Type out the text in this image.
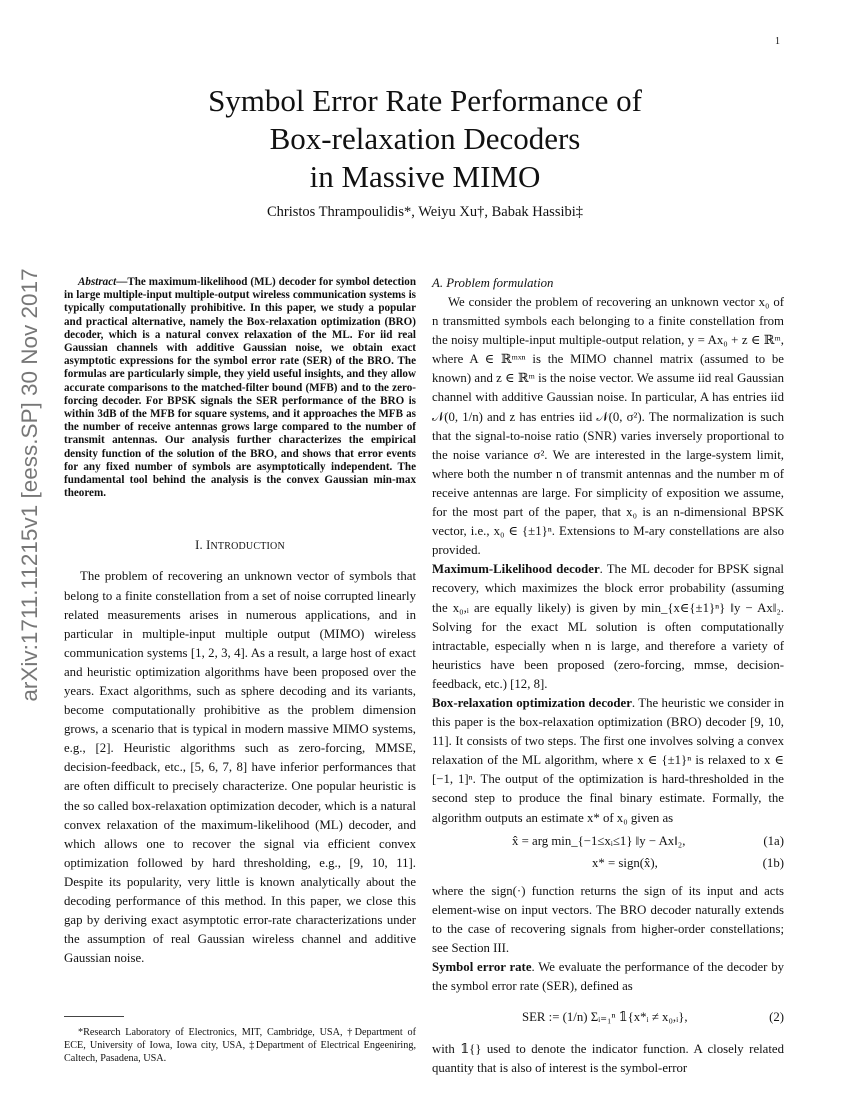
1
arXiv:1711.11215v1 [eess.SP] 30 Nov 2017
Symbol Error Rate Performance of
Box-relaxation Decoders
in Massive MIMO
Christos Thrampoulidis*, Weiyu Xu†, Babak Hassibi‡

Abstract—The maximum-likelihood (ML) decoder for symbol detection in large multiple-input multiple-output wireless communication systems is typically computationally prohibitive. In this paper, we study a popular and practical alternative, namely the Box-relaxation optimization (BRO) decoder, which is a natural convex relaxation of the ML. For iid real Gaussian channels with additive Gaussian noise, we obtain exact asymptotic expressions for the symbol error rate (SER) of the BRO. The formulas are particularly simple, they yield useful insights, and they allow accurate comparisons to the matched-filter bound (MFB) and to the zero-forcing decoder. For BPSK signals the SER performance of the BRO is within 3dB of the MFB for square systems, and it approaches the MFB as the number of receive antennas grows large compared to the number of transmit antennas. Our analysis further characterizes the empirical density function of the solution of the BRO, and shows that error events for any fixed number of symbols are asymptotically independent. The fundamental tool behind the analysis is the convex Gaussian min-max theorem.

I. INTRODUCTION

The problem of recovering an unknown vector of symbols that belong to a finite constellation from a set of noise corrupted linearly related measurements arises in numerous applications, and in particular in multiple-input multiple output (MIMO) wireless communication systems [1, 2, 3, 4]. As a result, a large host of exact and heuristic optimization algorithms have been proposed over the years. Exact algorithms, such as sphere decoding and its variants, become computationally prohibitive as the problem dimension grows, a scenario that is typical in modern massive MIMO systems, e.g., [2]. Heuristic algorithms such as zero-forcing, MMSE, decision-feedback, etc., [5, 6, 7, 8] have inferior performances that are often difficult to precisely characterize. One popular heuristic is the so called box-relaxation optimization decoder, which is a natural convex relaxation of the maximum-likelihood (ML) decoder, and which allows one to recover the signal via efficient convex optimization followed by hard thresholding, e.g., [9, 10, 11]. Despite its popularity, very little is known analytically about the decoding performance of this method. In this paper, we close this gap by deriving exact asymptotic error-rate characterizations under the assumption of real Gaussian wireless channel and additive Gaussian noise.

*Research Laboratory of Electronics, MIT, Cambridge, USA, †Department of ECE, University of Iowa, Iowa city, USA, ‡Department of Electrical Engeeniring, Caltech, Pasadena, USA.

A. Problem formulation

We consider the problem of recovering an unknown vector x₀ of n transmitted symbols each belonging to a finite constellation from the noisy multiple-input multiple-output relation, y = Ax₀ + z ∈ ℝᵐ, where A ∈ ℝᵐˣⁿ is the MIMO channel matrix (assumed to be known) and z ∈ ℝᵐ is the noise vector. We assume iid real Gaussian channel with additive Gaussian noise. In particular, A has entries iid 𝒩(0, 1/n) and z has entries iid 𝒩(0, σ²). The normalization is such that the signal-to-noise ratio (SNR) varies inversely proportional to the noise variance σ². We are interested in the large-system limit, where both the number n of transmit antennas and the number m of receive antennas are large. For simplicity of exposition we assume, for the most part of the paper, that x₀ is an n-dimensional BPSK vector, i.e., x₀ ∈ {±1}ⁿ. Extensions to M-ary constellations are also provided.

Maximum-Likelihood decoder. The ML decoder for BPSK signal recovery, which maximizes the block error probability (assuming the x₀,ᵢ are equally likely) is given by min_{x∈{±1}ⁿ} ‖y − Ax‖₂. Solving for the exact ML solution is often computationally intractable, especially when n is large, and therefore a variety of heuristics have been proposed (zero-forcing, mmse, decision-feedback, etc.) [12, 8].

Box-relaxation optimization decoder. The heuristic we consider in this paper is the box-relaxation optimization (BRO) decoder [9, 10, 11]. It consists of two steps. The first one involves solving a convex relaxation of the ML algorithm, where x ∈ {±1}ⁿ is relaxed to x ∈ [−1, 1]ⁿ. The output of the optimization is hard-thresholded in the second step to produce the final binary estimate. Formally, the algorithm outputs an estimate x* of x₀ given as

x̂ = arg min_{−1≤xᵢ≤1} ‖y − Ax‖₂,	(1a)
x* = sign(x̂),	(1b)

where the sign(·) function returns the sign of its input and acts element-wise on input vectors. The BRO decoder naturally extends to the case of recovering signals from higher-order constellations; see Section III.

Symbol error rate. We evaluate the performance of the decoder by the symbol error rate (SER), defined as

SER := (1/n) Σᵢ₌₁ⁿ 𝟙{x*ᵢ ≠ x₀,ᵢ},	(2)

with 𝟙{} used to denote the indicator function. A closely related quantity that is also of interest is the symbol-error
